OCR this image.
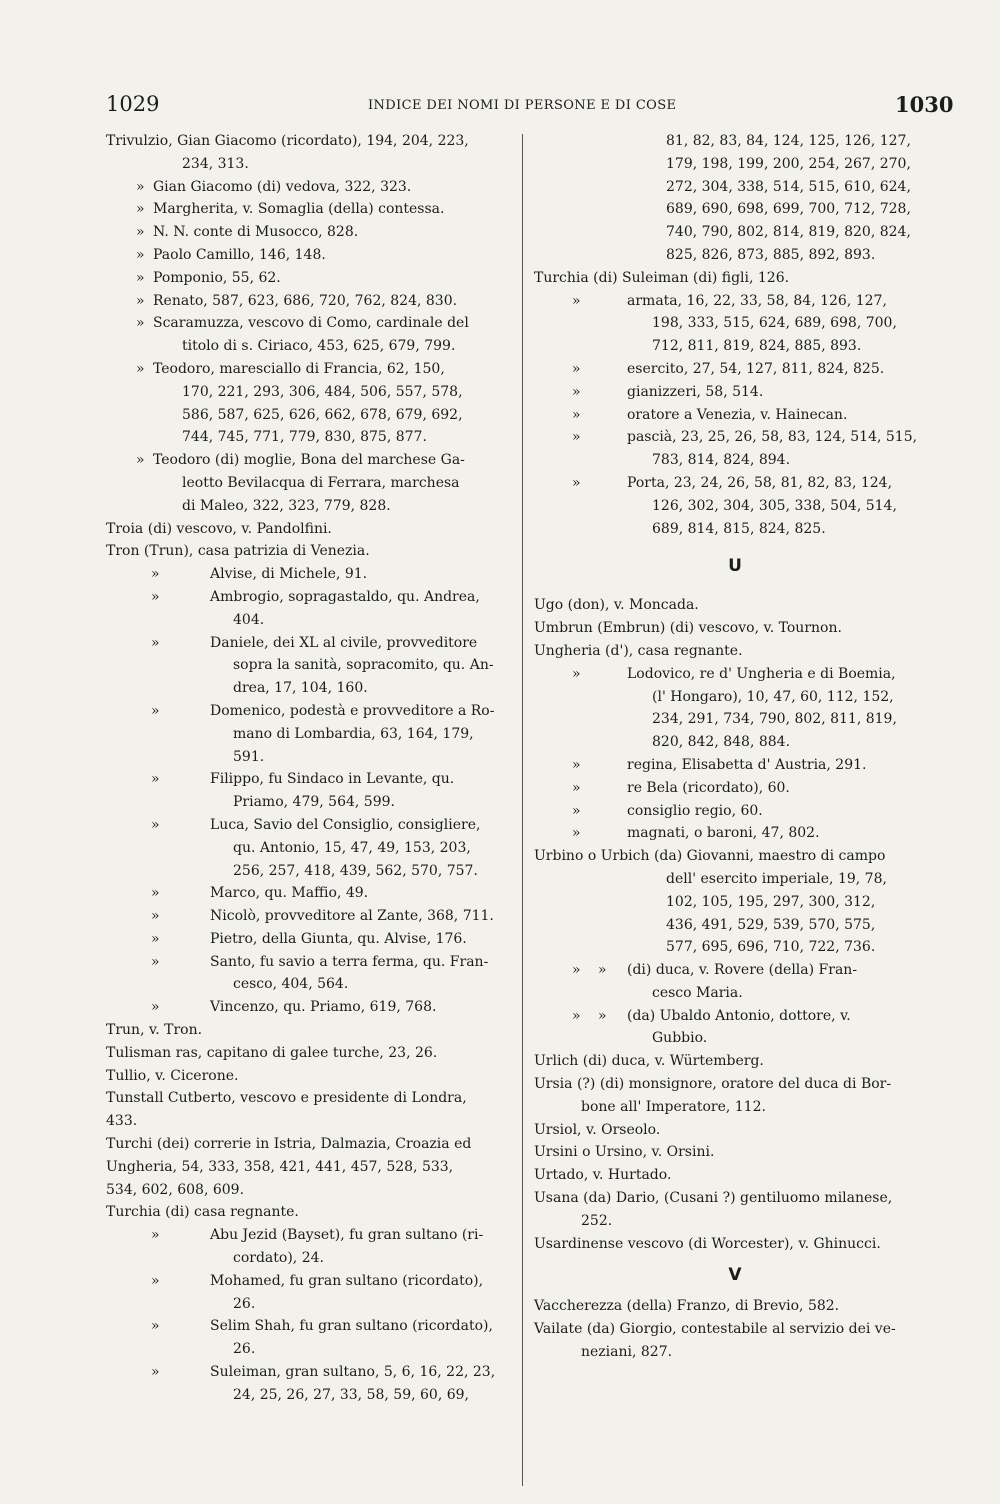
1029	INDICE DEI NOMI DI PERSONE E DI COSE	1030
Trivulzio, Gian Giacomo (ricordato), 194, 204, 223,
234, 313.
» Gian Giacomo (di) vedova, 322, 323.
» Margherita, v. Somaglia (della) contessa.
» N. N. conte di Musocco, 828.
» Paolo Camillo, 146, 148.
» Pomponio, 55, 62.
» Renato, 587, 623, 686, 720, 762, 824, 830.
» Scaramuzza, vescovo di Como, cardinale del
titolo di s. Ciriaco, 453, 625, 679, 799.
» Teodoro, maresciallo di Francia, 62, 150,
170, 221, 293, 306, 484, 506, 557, 578,
586, 587, 625, 626, 662, 678, 679, 692,
744, 745, 771, 779, 830, 875, 877.
» Teodoro (di) moglie, Bona del marchese Ga-
leotto Bevilacqua di Ferrara, marchesa
di Maleo, 322, 323, 779, 828.
Troia (di) vescovo, v. Pandolfini.
Tron (Trun), casa patrizia di Venezia.
»	Alvise, di Michele, 91.
»	Ambrogio, sopragastaldo, qu. Andrea,
404.
»	Daniele, dei XL al civile, provveditore
sopra la sanità, sopracomito, qu. An-
drea, 17, 104, 160.
»	Domenico, podestà e provveditore a Ro-
mano di Lombardia, 63, 164, 179,
591.
»	Filippo, fu Sindaco in Levante, qu.
Priamo, 479, 564, 599.
»	Luca, Savio del Consiglio, consigliere,
qu. Antonio, 15, 47, 49, 153, 203,
256, 257, 418, 439, 562, 570, 757.
»	Marco, qu. Maffio, 49.
»	Nicolò, provveditore al Zante, 368, 711.
»	Pietro, della Giunta, qu. Alvise, 176.
»	Santo, fu savio a terra ferma, qu. Fran-
cesco, 404, 564.
»	Vincenzo, qu. Priamo, 619, 768.
Trun, v. Tron.
Tulisman ras, capitano di galee turche, 23, 26.
Tullio, v. Cicerone.
Tunstall Cutberto, vescovo e presidente di Londra,
433.
Turchi (dei) correrie in Istria, Dalmazia, Croazia ed
Ungheria, 54, 333, 358, 421, 441, 457, 528, 533,
534, 602, 608, 609.
Turchia (di) casa regnante.
»	Abu Jezid (Bayset), fu gran sultano (ri-
cordato), 24.
»	Mohamed, fu gran sultano (ricordato),
26.
»	Selim Shah, fu gran sultano (ricordato),
26.
»	Suleiman, gran sultano, 5, 6, 16, 22, 23,
24, 25, 26, 27, 33, 58, 59, 60, 69,
81, 82, 83, 84, 124, 125, 126, 127,
179, 198, 199, 200, 254, 267, 270,
272, 304, 338, 514, 515, 610, 624,
689, 690, 698, 699, 700, 712, 728,
740, 790, 802, 814, 819, 820, 824,
825, 826, 873, 885, 892, 893.
Turchia (di) Suleiman (di) figli, 126.
»	armata, 16, 22, 33, 58, 84, 126, 127,
198, 333, 515, 624, 689, 698, 700,
712, 811, 819, 824, 885, 893.
»	esercito, 27, 54, 127, 811, 824, 825.
»	gianizzeri, 58, 514.
»	oratore a Venezia, v. Hainecan.
»	pascià, 23, 25, 26, 58, 83, 124, 514, 515,
783, 814, 824, 894.
»	Porta, 23, 24, 26, 58, 81, 82, 83, 124,
126, 302, 304, 305, 338, 504, 514,
689, 814, 815, 824, 825.
U
Ugo (don), v. Moncada.
Umbrun (Embrun) (di) vescovo, v. Tournon.
Ungheria (d'), casa regnante.
»	Lodovico, re d' Ungheria e di Boemia,
(l' Hongaro), 10, 47, 60, 112, 152,
234, 291, 734, 790, 802, 811, 819,
820, 842, 848, 884.
»	regina, Elisabetta d' Austria, 291.
»	re Bela (ricordato), 60.
»	consiglio regio, 60.
»	magnati, o baroni, 47, 802.
Urbino o Urbich (da) Giovanni, maestro di campo
dell' esercito imperiale, 19, 78,
102, 105, 195, 297, 300, 312,
436, 491, 529, 539, 570, 575,
577, 695, 696, 710, 722, 736.
» » (di) duca, v. Rovere (della) Fran-
cesco Maria.
» » (da) Ubaldo Antonio, dottore, v.
Gubbio.
Urlich (di) duca, v. Würtemberg.
Ursia (?) (di) monsignore, oratore del duca di Bor-
bone all' Imperatore, 112.
Ursiol, v. Orseolo.
Ursini o Ursino, v. Orsini.
Urtado, v. Hurtado.
Usana (da) Dario, (Cusani ?) gentiluomo milanese,
252.
Usardinense vescovo (di Worcester), v. Ghinucci.
V
Vaccherezza (della) Franzo, di Brevio, 582.
Vailate (da) Giorgio, contestabile al servizio dei ve-
neziani, 827.
